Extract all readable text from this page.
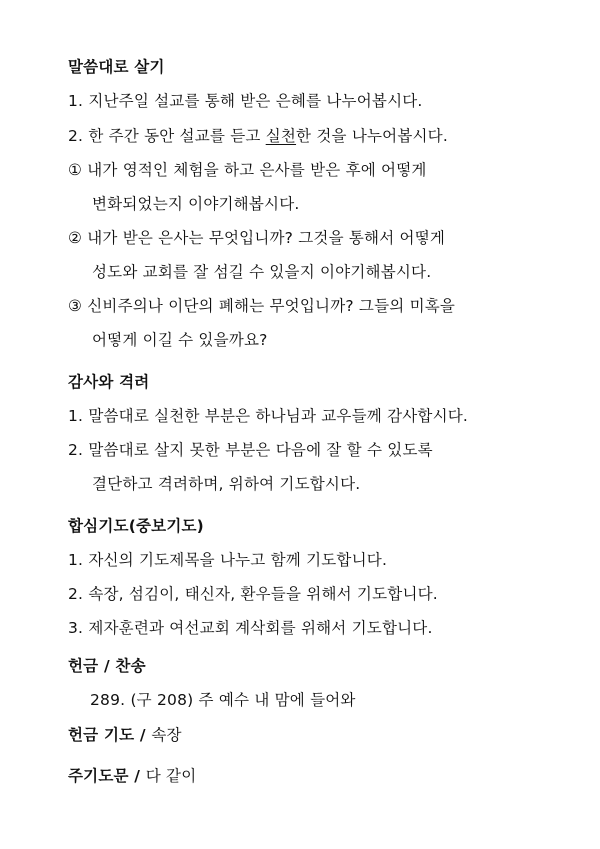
말씀대로 살기
1. 지난주일 설교를 통해 받은 은혜를 나누어봅시다.
2. 한 주간 동안 설교를 듣고 실천한 것을 나누어봅시다.
① 내가 영적인 체험을 하고 은사를 받은 후에 어떻게
변화되었는지 이야기해봅시다.
② 내가 받은 은사는 무엇입니까? 그것을 통해서 어떻게
성도와 교회를 잘 섬길 수 있을지 이야기해봅시다.
③ 신비주의나 이단의 폐해는 무엇입니까? 그들의 미혹을
어떻게 이길 수 있을까요?
감사와 격려
1. 말씀대로 실천한 부분은 하나님과 교우들께 감사합시다.
2. 말씀대로 살지 못한 부분은 다음에 잘 할 수 있도록
결단하고 격려하며, 위하여 기도합시다.
합심기도(중보기도)
1. 자신의 기도제목을 나누고 함께 기도합니다.
2. 속장, 섬김이, 태신자, 환우들을 위해서 기도합니다.
3. 제자훈련과 여선교회 계삭회를 위해서 기도합니다.
헌금 / 찬송
289. (구 208) 주 예수 내 맘에 들어와
헌금 기도 / 속장
주기도문 / 다 같이
